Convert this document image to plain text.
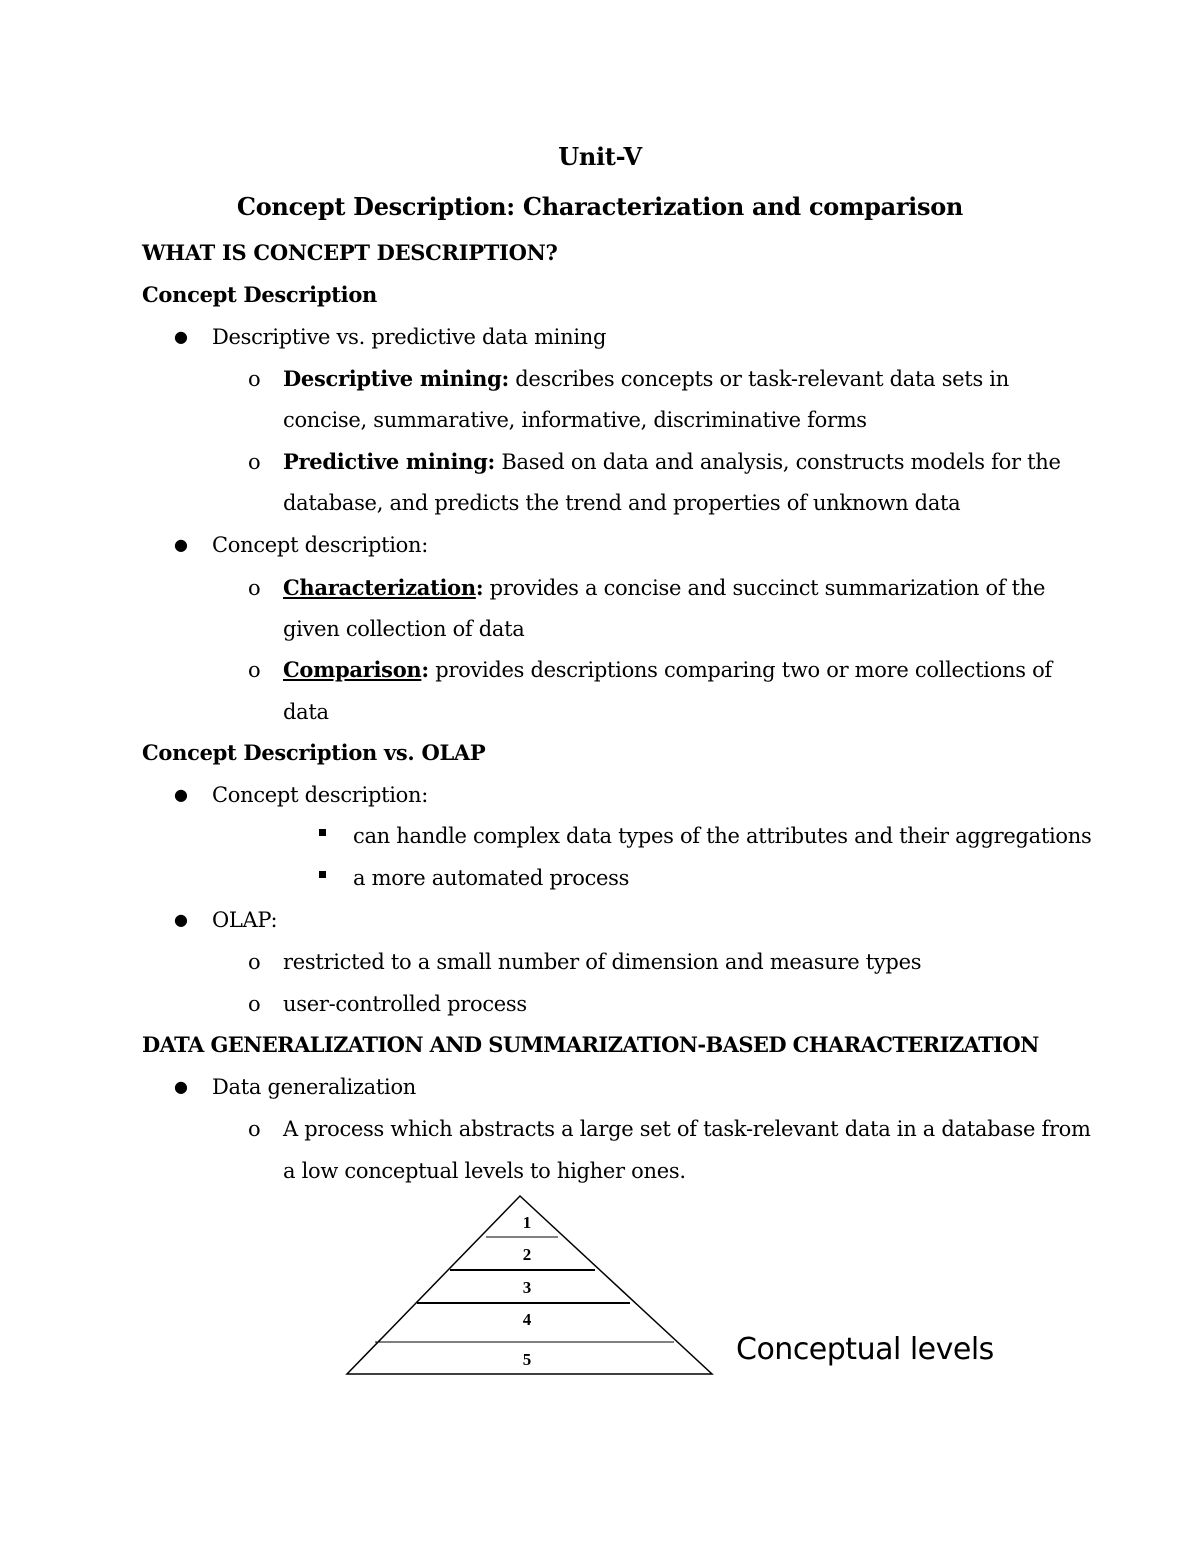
Unit-V
Concept Description: Characterization and comparison
WHAT IS CONCEPT DESCRIPTION?
Concept Description
● Descriptive vs. predictive data mining
o Descriptive mining: describes concepts or task-relevant data sets in
concise, summarative, informative, discriminative forms
o Predictive mining: Based on data and analysis, constructs models for the
database, and predicts the trend and properties of unknown data
● Concept description:
o Characterization: provides a concise and succinct summarization of the
given collection of data
o Comparison: provides descriptions comparing two or more collections of
data
Concept Description vs. OLAP
● Concept description:
can handle complex data types of the attributes and their aggregations
a more automated process
● OLAP:
o restricted to a small number of dimension and measure types
o user-controlled process
DATA GENERALIZATION AND SUMMARIZATION-BASED CHARACTERIZATION
● Data generalization
o A process which abstracts a large set of task-relevant data in a database from
a low conceptual levels to higher ones.
1
2
3
4
5	Conceptual levels
